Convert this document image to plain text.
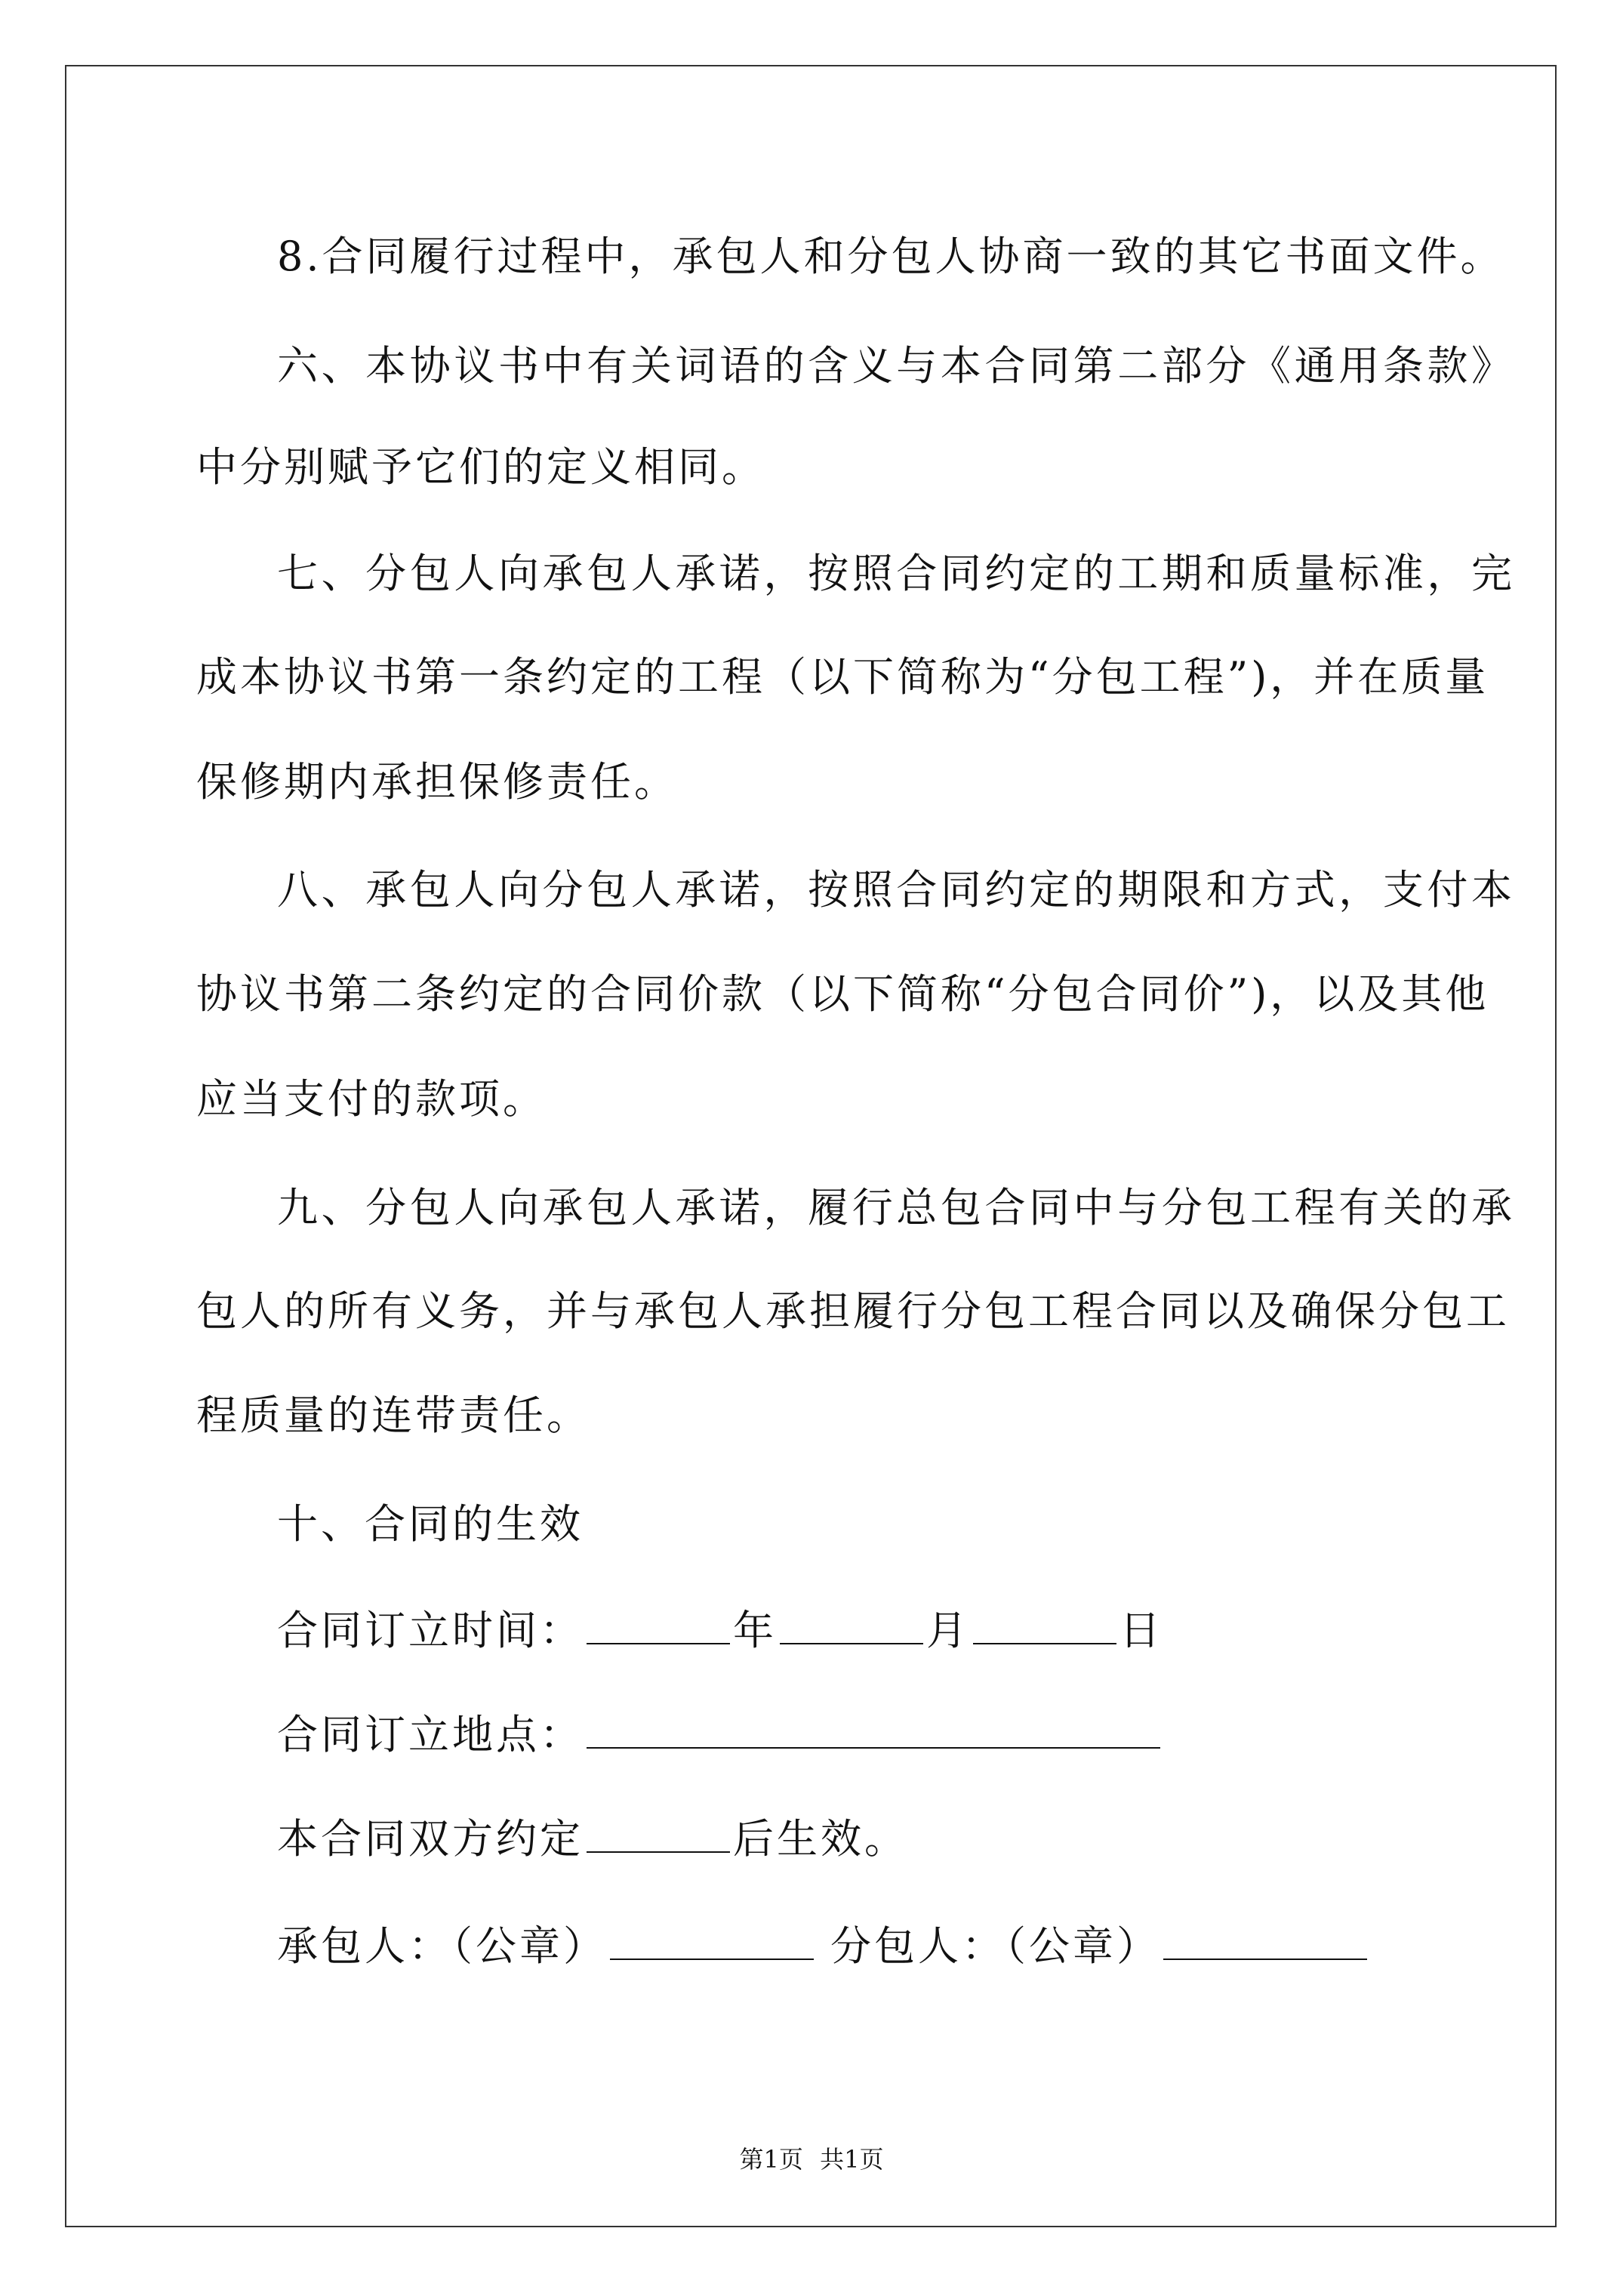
8.合同履行过程中，承包人和分包人协商一致的其它书面文件。
六、本协议书中有关词语的含义与本合同第二部分《通用条款》
中分别赋予它们的定义相同。
七、分包人向承包人承诺，按照合同约定的工期和质量标准，完
成本协议书第一条约定的工程（以下简称为“分包工程”)，并在质量
保修期内承担保修责任。
八、承包人向分包人承诺，按照合同约定的期限和方式，支付本
协议书第二条约定的合同价款（以下简称“分包合同价”)，以及其他
应当支付的款项。
九、分包人向承包人承诺，履行总包合同中与分包工程有关的承
包人的所有义务，并与承包人承担履行分包工程合同以及确保分包工
程质量的连带责任。
十、合同的生效
合同订立时间：	年	月	日
合同订立地点：
本合同双方约定	后生效。
承包人：（公章）	分包人：（公章）
第1页 共1页
